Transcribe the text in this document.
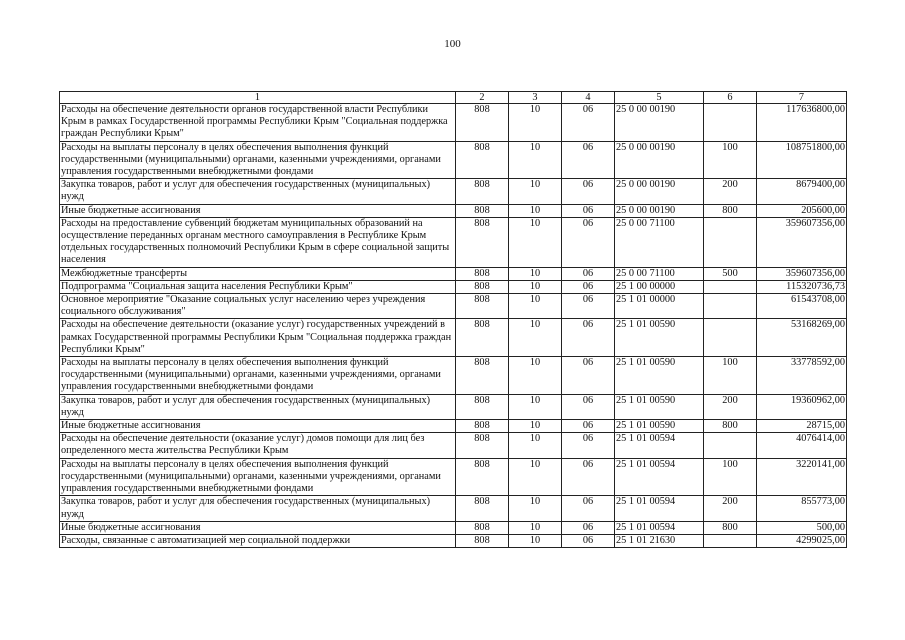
100
1	2	3	4	5	6	7
Расходы на обеспечение деятельности органов государственной власти Республики Крым в рамках Государственной программы Республики Крым "Социальная поддержка граждан Республики Крым"	808	10	06	25 0 00 00190		117636800,00
Расходы на выплаты персоналу в целях обеспечения выполнения функций государственными (муниципальными) органами, казенными учреждениями, органами управления государственными внебюджетными фондами	808	10	06	25 0 00 00190	100	108751800,00
Закупка товаров, работ и услуг для обеспечения государственных (муниципальных) нужд	808	10	06	25 0 00 00190	200	8679400,00
Иные бюджетные ассигнования	808	10	06	25 0 00 00190	800	205600,00
Расходы на предоставление субвенций бюджетам муниципальных образований на осуществление переданных органам местного самоуправления в Республике Крым отдельных государственных полномочий Республики Крым в сфере социальной защиты населения	808	10	06	25 0 00 71100		359607356,00
Межбюджетные трансферты	808	10	06	25 0 00 71100	500	359607356,00
Подпрограмма "Социальная защита населения Республики Крым"	808	10	06	25 1 00 00000		115320736,73
Основное мероприятие "Оказание социальных услуг населению через учреждения социального обслуживания"	808	10	06	25 1 01 00000		61543708,00
Расходы на обеспечение деятельности (оказание услуг) государственных учреждений в рамках Государственной программы Республики Крым "Социальная поддержка граждан Республики Крым"	808	10	06	25 1 01 00590		53168269,00
Расходы на выплаты персоналу в целях обеспечения выполнения функций государственными (муниципальными) органами, казенными учреждениями, органами управления государственными внебюджетными фондами	808	10	06	25 1 01 00590	100	33778592,00
Закупка товаров, работ и услуг для обеспечения государственных (муниципальных) нужд	808	10	06	25 1 01 00590	200	19360962,00
Иные бюджетные ассигнования	808	10	06	25 1 01 00590	800	28715,00
Расходы на обеспечение деятельности (оказание услуг) домов помощи для лиц без определенного места жительства Республики Крым	808	10	06	25 1 01 00594		4076414,00
Расходы на выплаты персоналу в целях обеспечения выполнения функций государственными (муниципальными) органами, казенными учреждениями, органами управления государственными внебюджетными фондами	808	10	06	25 1 01 00594	100	3220141,00
Закупка товаров, работ и услуг для обеспечения государственных (муниципальных) нужд	808	10	06	25 1 01 00594	200	855773,00
Иные бюджетные ассигнования	808	10	06	25 1 01 00594	800	500,00
Расходы, связанные с автоматизацией мер социальной поддержки	808	10	06	25 1 01 21630		4299025,00
